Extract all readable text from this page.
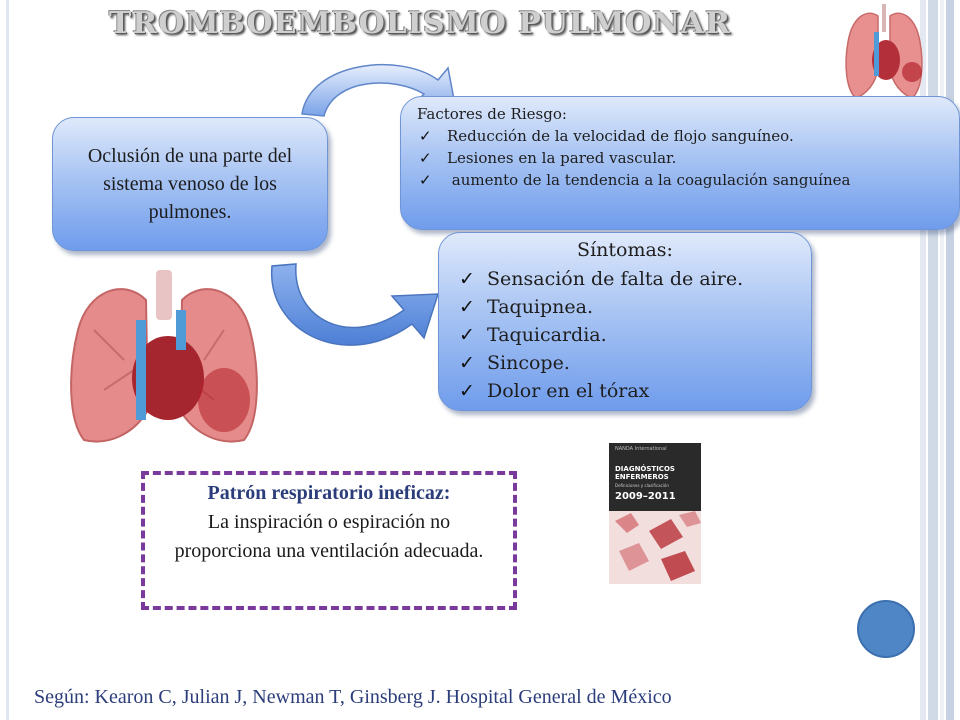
TROMBOEMBOLISMO PULMONAR
Oclusión de una parte del sistema venoso de los pulmones.
Factores de Riesgo:
✓ Reducción de la velocidad de flojo sanguíneo.
✓ Lesiones en la pared vascular.
✓ aumento de la tendencia a la coagulación sanguínea
Síntomas:
✓ Sensación de falta de aire.
✓ Taquipnea.
✓ Taquicardia.
✓ Sincope.
✓ Dolor en el tórax
Patrón respiratorio ineficaz:
La inspiración o espiración no proporciona una ventilación adecuada.
NANDA International
DIAGNÓSTICOS
ENFERMEROS
Definiciones y clasificación
2009–2011
Según: Kearon C, Julian J, Newman T, Ginsberg J. Hospital General de México
